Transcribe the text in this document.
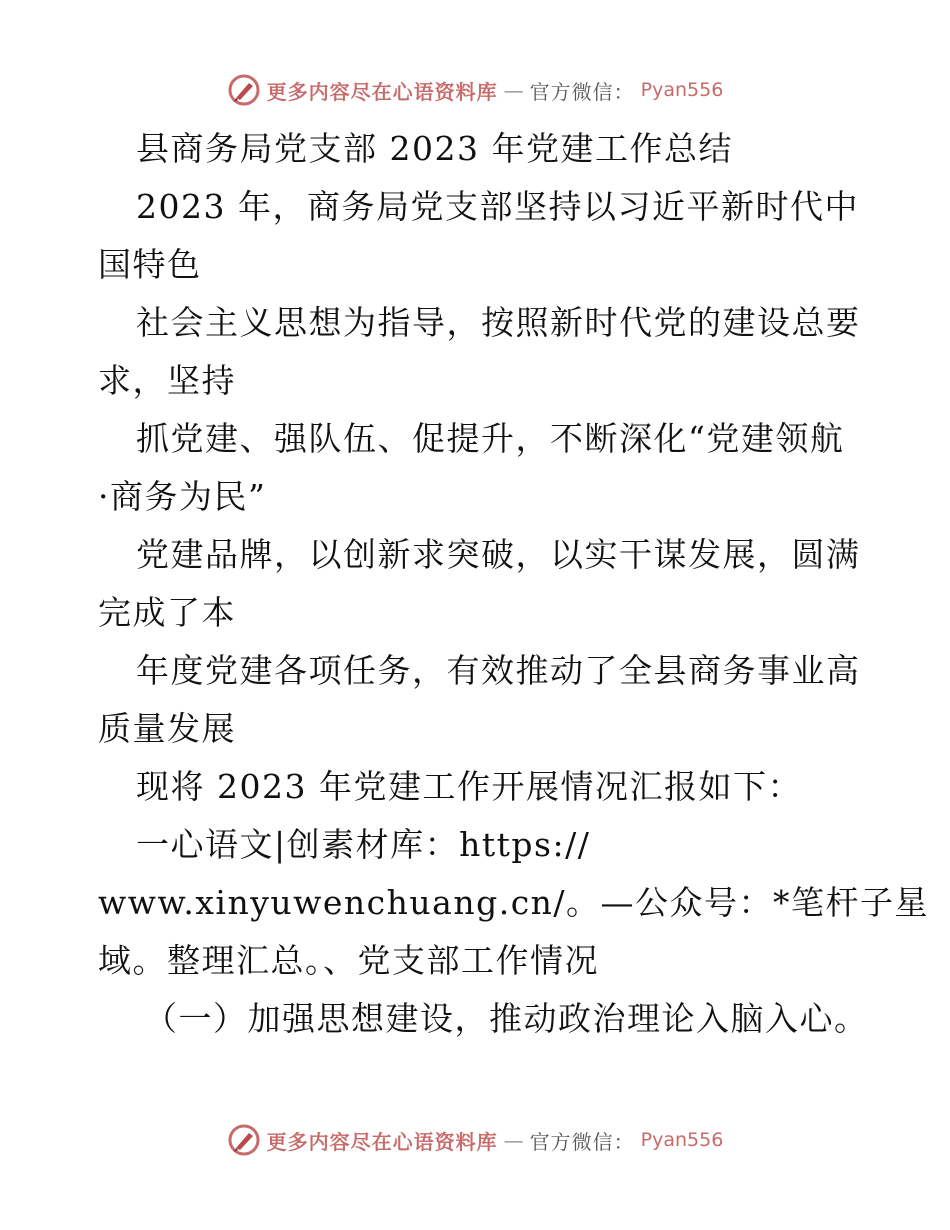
更多内容尽在心语资料库 — 官方微信： Pyan556
县商务局党支部 2023 年党建工作总结
2023 年，商务局党支部坚持以习近平新时代中
国特色
社会主义思想为指导，按照新时代党的建设总要
求，坚持
抓党建、强队伍、促提升，不断深化“党建领航
·商务为民”
党建品牌，以创新求突破，以实干谋发展，圆满
完成了本
年度党建各项任务，有效推动了全县商务事业高
质量发展
现将 2023 年党建工作开展情况汇报如下：
一心语文|创素材库：https://
www.xinyuwenchuang.cn/。—公众号：*笔杆子星
域。整理汇总。、党支部工作情况
（一）加强思想建设，推动政治理论入脑入心。
更多内容尽在心语资料库 — 官方微信： Pyan556
